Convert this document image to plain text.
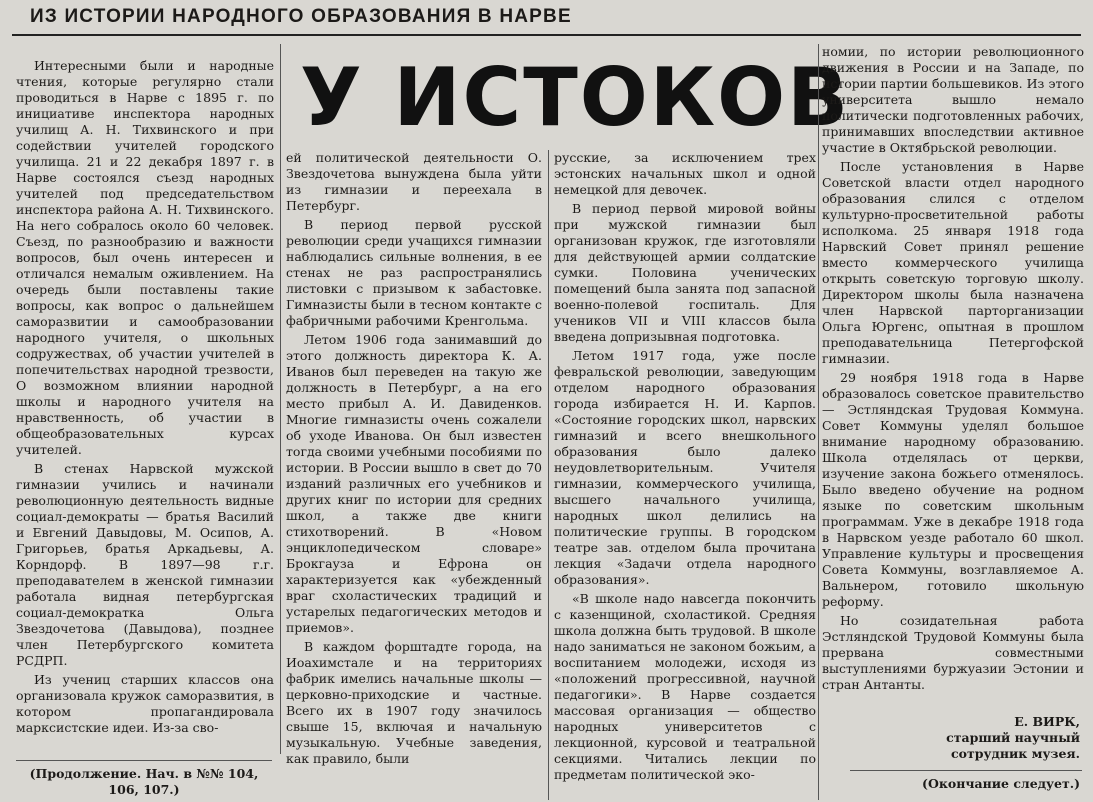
ИЗ ИСТОРИИ НАРОДНОГО ОБРАЗОВАНИЯ В НАРВЕ
У ИСТОКОВ

Интересными были и народные чтения, которые регулярно стали проводиться в Нарве с 1895 г. по инициативе инспектора народных училищ А. Н. Тихвинского и при содействии учителей городского училища. 21 и 22 декабря 1897 г. в Нарве состоялся съезд народных учителей под председательством инспектора района А. Н. Тихвинского. На него собралось около 60 человек. Съезд, по разнообразию и важности вопросов, был очень интересен и отличался немалым оживлением. На очередь были поставлены такие вопросы, как вопрос о дальнейшем саморазвитии и самообразовании народного учителя, о школьных содружествах, об участии учителей в попечительствах народной трезвости, О возможном влиянии народной школы и народного учителя на нравственность, об участии в общеобразовательных курсах учителей.

В стенах Нарвской мужской гимназии учились и начинали революционную деятельность видные социал-демократы — братья Василий и Евгений Давыдовы, М. Осипов, А. Григорьев, братья Аркадьевы, А. Корндорф. В 1897—98 г.г. преподавателем в женской гимназии работала видная петербургская социал-демократка Ольга Звездочетова (Давыдова), позднее член Петербургского комитета РСДРП.

Из учениц старших классов она организовала кружок саморазвития, в котором пропагандировала марксистские идеи. Из-за сво-

ей политической деятельности О. Звездочетова вынуждена была уйти из гимназии и переехала в Петербург.

В период первой русской революции среди учащихся гимназии наблюдались сильные волнения, в ее стенах не раз распространялись листовки с призывом к забастовке. Гимназисты были в тесном контакте с фабричными рабочими Кренгольма.

Летом 1906 года занимавший до этого должность директора К. А. Иванов был переведен на такую же должность в Петербург, а на его место прибыл А. И. Давиденков. Многие гимназисты очень сожалели об уходе Иванова. Он был известен тогда своими учебными пособиями по истории. В России вышло в свет до 70 изданий различных его учебников и других книг по истории для средних школ, а также две книги стихотворений. В «Новом энциклопедическом словаре» Брокгауза и Ефрона он характеризуется как «убежденный враг схоластических традиций и устарелых педагогических методов и приемов».

В каждом форштадте города, на Иоахимстале и на территориях фабрик имелись начальные школы — церковно-приходские и частные. Всего их в 1907 году значилось свыше 15, включая и начальную музыкальную. Учебные заведения, как правило, были

русские, за исключением трех эстонских начальных школ и одной немецкой для девочек.

В период первой мировой войны при мужской гимназии был организован кружок, где изготовляли для действующей армии солдатские сумки. Половина ученических помещений была занята под запасной военно-полевой госпиталь. Для учеников VII и VIII классов была введена допризывная подготовка.

Летом 1917 года, уже после февральской революции, заведующим отделом народного образования города избирается Н. И. Карпов. «Состояние городских школ, нарвских гимназий и всего внешкольного образования было далеко неудовлетворительным. Учителя гимназии, коммерческого училища, высшего начального училища, народных школ делились на политические группы. В городском театре зав. отделом была прочитана лекция «Задачи отдела народного образования».

«В школе надо навсегда покончить с казенщиной, схоластикой. Средняя школа должна быть трудовой. В школе надо заниматься не законом божьим, а воспитанием молодежи, исходя из «положений прогрессивной, научной педагогики». В Нарве создается массовая организация — общество народных университетов с лекционной, курсовой и театральной секциями. Читались лекции по предметам политической эко-

номии, по истории революционного движения в России и на Западе, по истории партии большевиков. Из этого университета вышло немало политически подготовленных рабочих, принимавших впоследствии активное участие в Октябрьской революции.

После установления в Нарве Советской власти отдел народного образования слился с отделом культурно-просветительной работы исполкома. 25 января 1918 года Нарвский Совет принял решение вместо коммерческого училища открыть советскую торговую школу. Директором школы была назначена член Нарвской парторганизации Ольга Юргенс, опытная в прошлом преподавательница Петергофской гимназии.

29 ноября 1918 года в Нарве образовалось советское правительство — Эстляндская Трудовая Коммуна. Совет Коммуны уделял большое внимание народному образованию. Школа отделялась от церкви, изучение закона божьего отменялось. Было введено обучение на родном языке по советским школьным программам. Уже в декабре 1918 года в Нарвском уезде работало 60 школ. Управление культуры и просвещения Совета Коммуны, возглавляемое А. Вальнером, готовило школьную реформу.

Но созидательная работа Эстляндской Трудовой Коммуны была прервана совместными выступлениями буржуазии Эстонии и стран Антанты.

Е. ВИРК,
старший научный
сотрудник музея.
(Продолжение. Нач. в №№ 104, 106, 107.)	(Окончание следует.)
